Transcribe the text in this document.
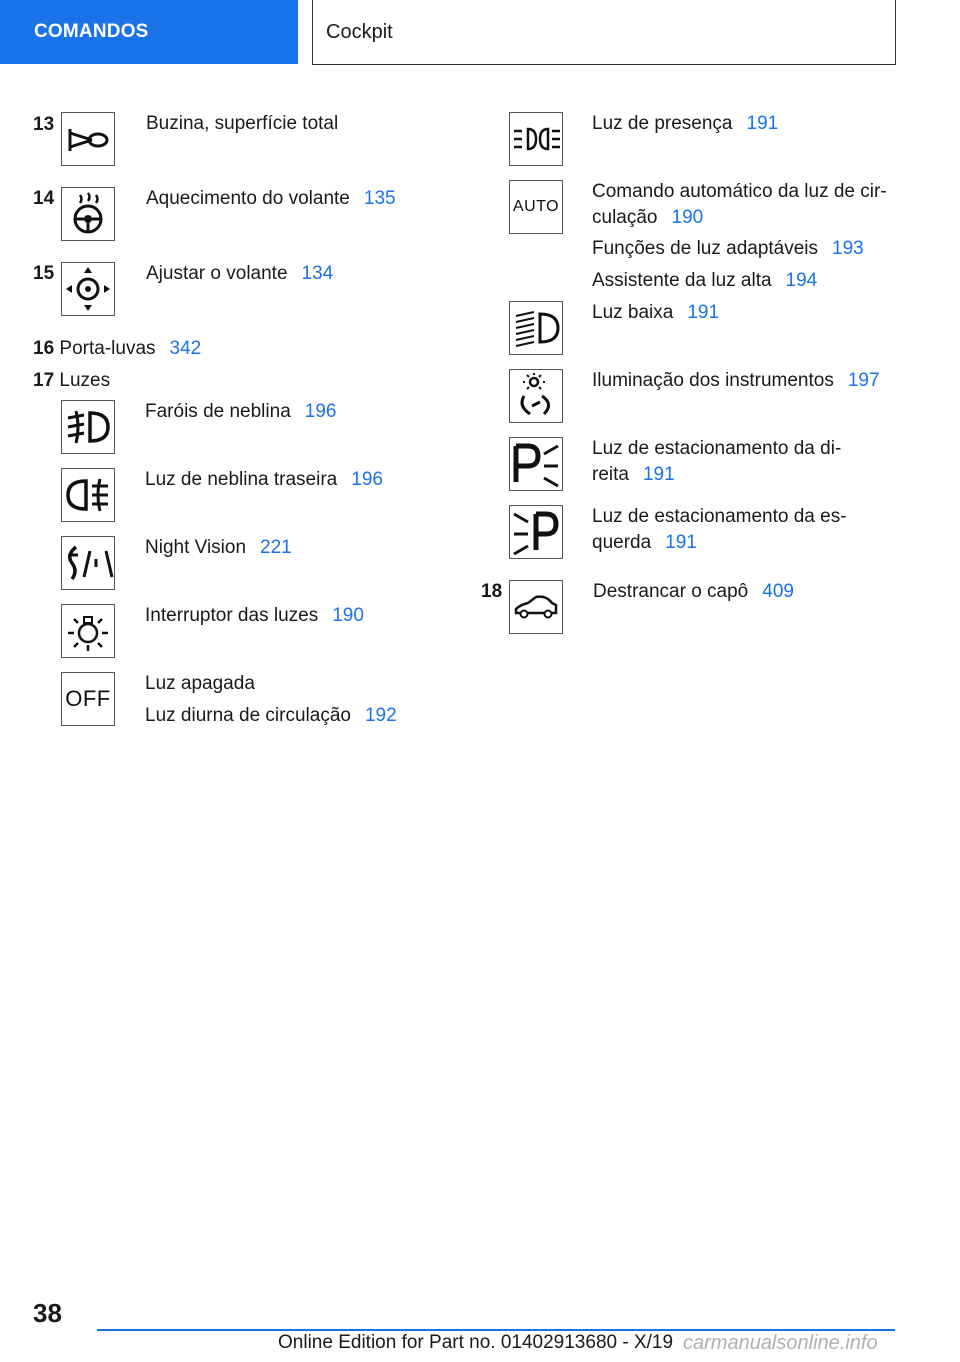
COMANDOS	Cockpit
13	Buzina, superfície total
14	Aquecimento do volante 135
15	Ajustar o volante 134
16 Porta-luvas 342
17 Luzes
Faróis de neblina 196
Luz de neblina traseira 196
Night Vision 221
Interruptor das luzes 190
OFF
Luz apagada
Luz diurna de circulação 192
Luz de presença 191
AUTO
Comando automático da luz de cir-
culação 190
Funções de luz adaptáveis 193
Assistente da luz alta 194
Luz baixa 191
Iluminação dos instrumentos 197
Luz de estacionamento da di-
reita 191
Luz de estacionamento da es-
querda 191
18	Destrancar o capô 409
38
Online Edition for Part no. 01402913680 - X/19 carmanualsonline.info
